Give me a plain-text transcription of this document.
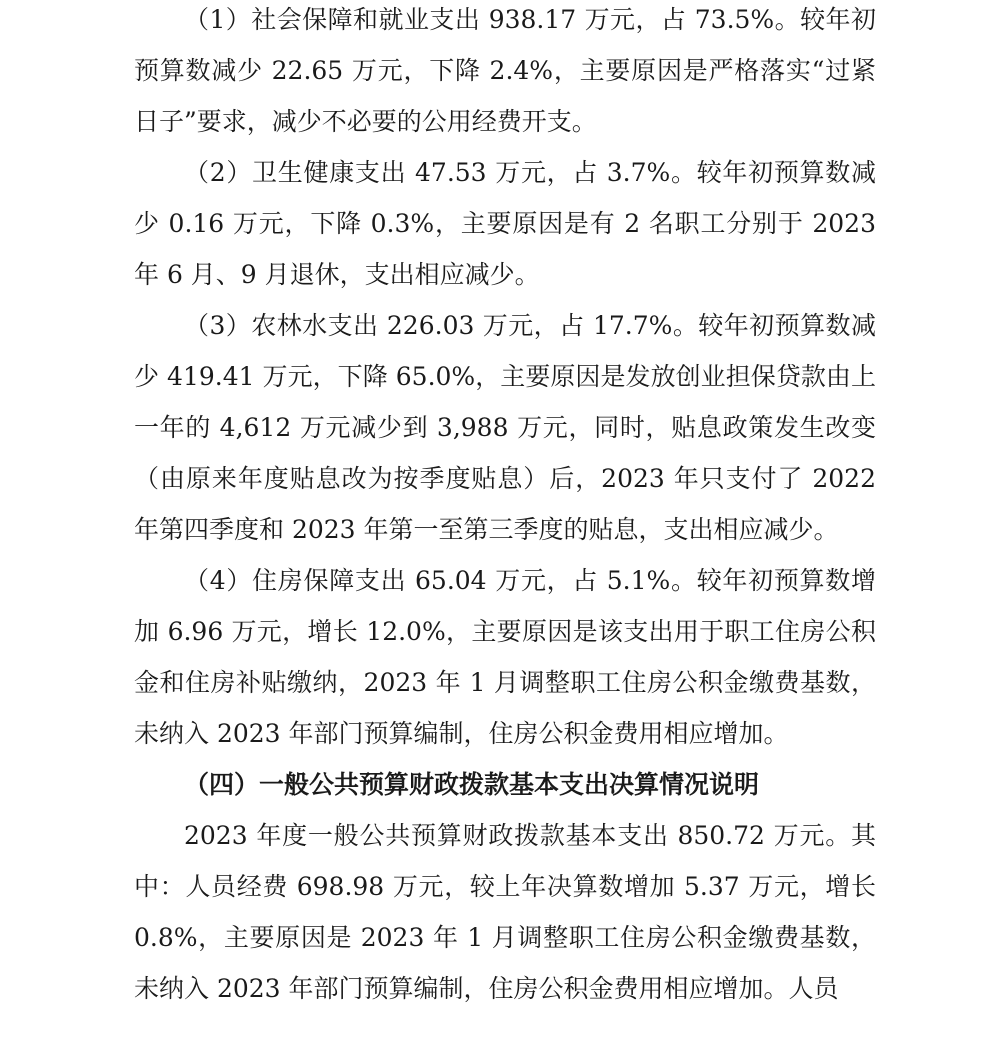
（1）社会保障和就业支出 938.17 万元，占 73.5%。较年初预算数减少 22.65 万元，下降 2.4%，主要原因是严格落实“过紧日子”要求，减少不必要的公用经费开支。

（2）卫生健康支出 47.53 万元，占 3.7%。较年初预算数减少 0.16 万元，下降 0.3%，主要原因是有 2 名职工分别于 2023 年 6 月、9 月退休，支出相应减少。

（3）农林水支出 226.03 万元，占 17.7%。较年初预算数减少 419.41 万元，下降 65.0%，主要原因是发放创业担保贷款由上一年的 4,612 万元减少到 3,988 万元，同时，贴息政策发生改变（由原来年度贴息改为按季度贴息）后，2023 年只支付了 2022 年第四季度和 2023 年第一至第三季度的贴息，支出相应减少。

（4）住房保障支出 65.04 万元，占 5.1%。较年初预算数增加 6.96 万元，增长 12.0%，主要原因是该支出用于职工住房公积金和住房补贴缴纳，2023 年 1 月调整职工住房公积金缴费基数，未纳入 2023 年部门预算编制，住房公积金费用相应增加。

（四）一般公共预算财政拨款基本支出决算情况说明

2023 年度一般公共预算财政拨款基本支出 850.72 万元。其中：人员经费 698.98 万元，较上年决算数增加 5.37 万元，增长 0.8%，主要原因是 2023 年 1 月调整职工住房公积金缴费基数，未纳入 2023 年部门预算编制，住房公积金费用相应增加。人员
